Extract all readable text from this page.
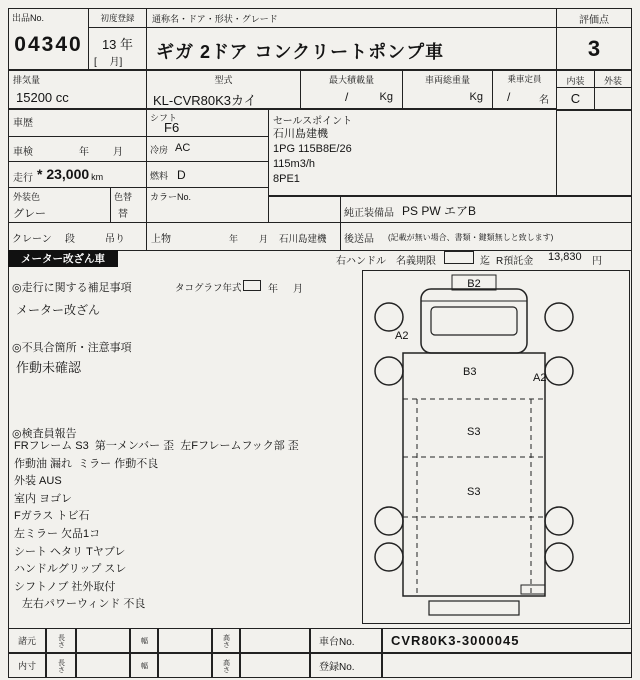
出品No.
04340
初度登録
13 年
[　 月]
通称名・ドア・形状・グレード
ギガ 2ドア コンクリートポンプ車
評価点
3
排気量
15200 cc
型式
KL-CVR80K3カイ
最大積載量
/	Kg
車両総重量
Kg
乗車定員
/	名
内装	外装
C
車歴	シフト
F6
車検	年 月	冷房 AC
走行 * 23,000 km	燃料 D
外装色
グレー
色替
替
カラーNo.
クレーン 段	吊り	上物	年 月 石川島建機
セールスポイント
石川島建機
1PG 115B8E/26
115m3/h
8PE1
純正装備品 PS PW エアB
後送品 (記載が無い場合、書類・鍵類無しと致します)
メーター改ざん車	右ハンドル 名義期限	迄 R預託金 13,830 円
◎走行に関する補足事項	タコグラフ年式	年 月
メーター改ざん
◎不具合箇所・注意事項
作動未確認
◎検査員報告
FRフレーム S3  第一メンバー 歪  左Fフレームフック部 歪
作動油 漏れ  ミラー 作動不良
外装 AUS
室内 ヨゴレ
Fガラス トビ石
左ミラー 欠品1コ
シート ヘタリ Tヤブレ
ハンドルグリップ スレ
シフトノブ 社外取付
左右パワーウィンド 不良
B2
A2
B3	A2
S3
S3
諸元	長さ	幅	高さ
内寸	長さ	幅	高さ
車台No.	CVR80K3-3000045
登録No.
